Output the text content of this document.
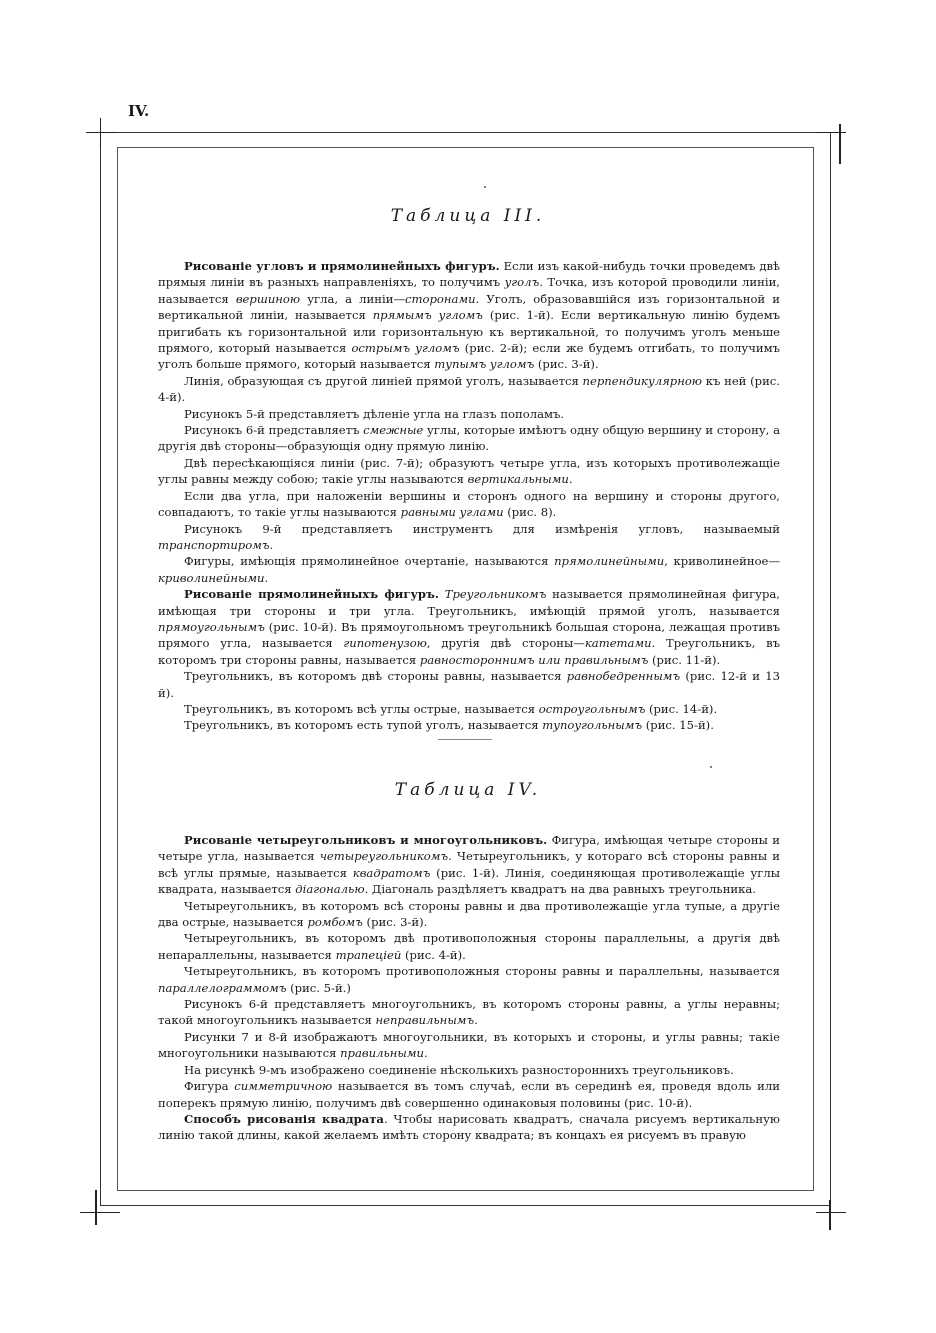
IV.
Таблица III.

Рисованіе угловъ и прямолинейныхъ фигуръ. Если изъ какой-нибудь точки проведемъ двѣ прямыя линіи въ разныхъ направленіяхъ, то получимъ уголъ. Точка, изъ которой проводили линіи, называется вершиною угла, а линіи—сторонами. Уголъ, образовавшійся изъ горизонтальной и вертикальной линіи, называется прямымъ угломъ (рис. 1-й). Если вертикальную линію будемъ пригибать къ горизонтальной или горизонтальную къ вертикальной, то получимъ уголъ меньше прямого, который называется острымъ угломъ (рис. 2-й); если же будемъ отгибать, то получимъ уголъ больше прямого, который называется тупымъ угломъ (рис. 3-й).

Линія, образующая съ другой линіей прямой уголъ, называется перпендикулярною къ ней (рис. 4-й).

Рисунокъ 5-й представляетъ дѣленіе угла на глазъ пополамъ.

Рисунокъ 6-й представляетъ смежные углы, которые имѣютъ одну общую вершину и сторону, а другія двѣ стороны—образующія одну прямую линію.

Двѣ пересѣкающіяся линіи (рис. 7-й); образуютъ четыре угла, изъ которыхъ противолежащіе углы равны между собою; такіе углы называются вертикальными.

Если два угла, при наложеніи вершины и сторонъ одного на вершину и стороны другого, совпадаютъ, то такіе углы называются равными углами (рис. 8).

Рисунокъ 9-й представляетъ инструментъ для измѣренія угловъ, называемый транспортиромъ.

Фигуры, имѣющія прямолинейное очертаніе, называются прямолинейными, криволинейное—криволинейными.

Рисованіе прямолинейныхъ фигуръ. Треугольникомъ называется прямолинейная фигура, имѣющая три стороны и три угла. Треугольникъ, имѣющій прямой уголъ, называется прямоугольнымъ (рис. 10-й). Въ прямоугольномъ треугольникѣ большая сторона, лежащая противъ прямого угла, называется гипотенузою, другія двѣ стороны—катетами. Треугольникъ, въ которомъ три стороны равны, называется равностороннимъ или правильнымъ (рис. 11-й).

Треугольникъ, въ которомъ двѣ стороны равны, называется равнобедреннымъ (рис. 12-й и 13 й).

Треугольникъ, въ которомъ всѣ углы острые, называется остроугольнымъ (рис. 14-й).

Треугольникъ, въ которомъ есть тупой уголъ, называется тупоугольнымъ (рис. 15-й).

Таблица IV.

Рисованіе четыреугольниковъ и многоугольниковъ. Фигура, имѣющая четыре стороны и четыре угла, называется четыреугольникомъ. Четыреугольникъ, у котораго всѣ стороны равны и всѣ углы прямые, называется квадратомъ (рис. 1-й). Линія, соединяющая противолежащіе углы квадрата, называется діагональю. Діагональ раздѣляетъ квадратъ на два равныхъ треугольника.

Четыреугольникъ, въ которомъ всѣ стороны равны и два противолежащіе угла тупые, а другіе два острые, называется ромбомъ (рис. 3-й).

Четыреугольникъ, въ которомъ двѣ противоположныя стороны параллельны, а другія двѣ непараллельны, называется трапеціей (рис. 4-й).

Четыреугольникъ, въ которомъ противоположныя стороны равны и параллельны, называется параллелограммомъ (рис. 5-й.)

Рисунокъ 6-й представляетъ многоугольникъ, въ которомъ стороны равны, а углы неравны; такой многоугольникъ называется неправильнымъ.

Рисунки 7 и 8-й изображаютъ многоугольники, въ которыхъ и стороны, и углы равны; такіе многоугольники называются правильными.

На рисункѣ 9-мъ изображено соединеніе нѣсколькихъ разностороннихъ треугольниковъ.

Фигура симметричною называется въ томъ случаѣ, если въ серединѣ ея, проведя вдоль или поперекъ прямую линію, получимъ двѣ совершенно одинаковыя половины (рис. 10-й).

Способъ рисованія квадрата. Чтобы нарисовать квадратъ, сначала рисуемъ вертикальную линію такой длины, какой желаемъ имѣть сторону квадрата; въ концахъ ея рисуемъ въ правую
